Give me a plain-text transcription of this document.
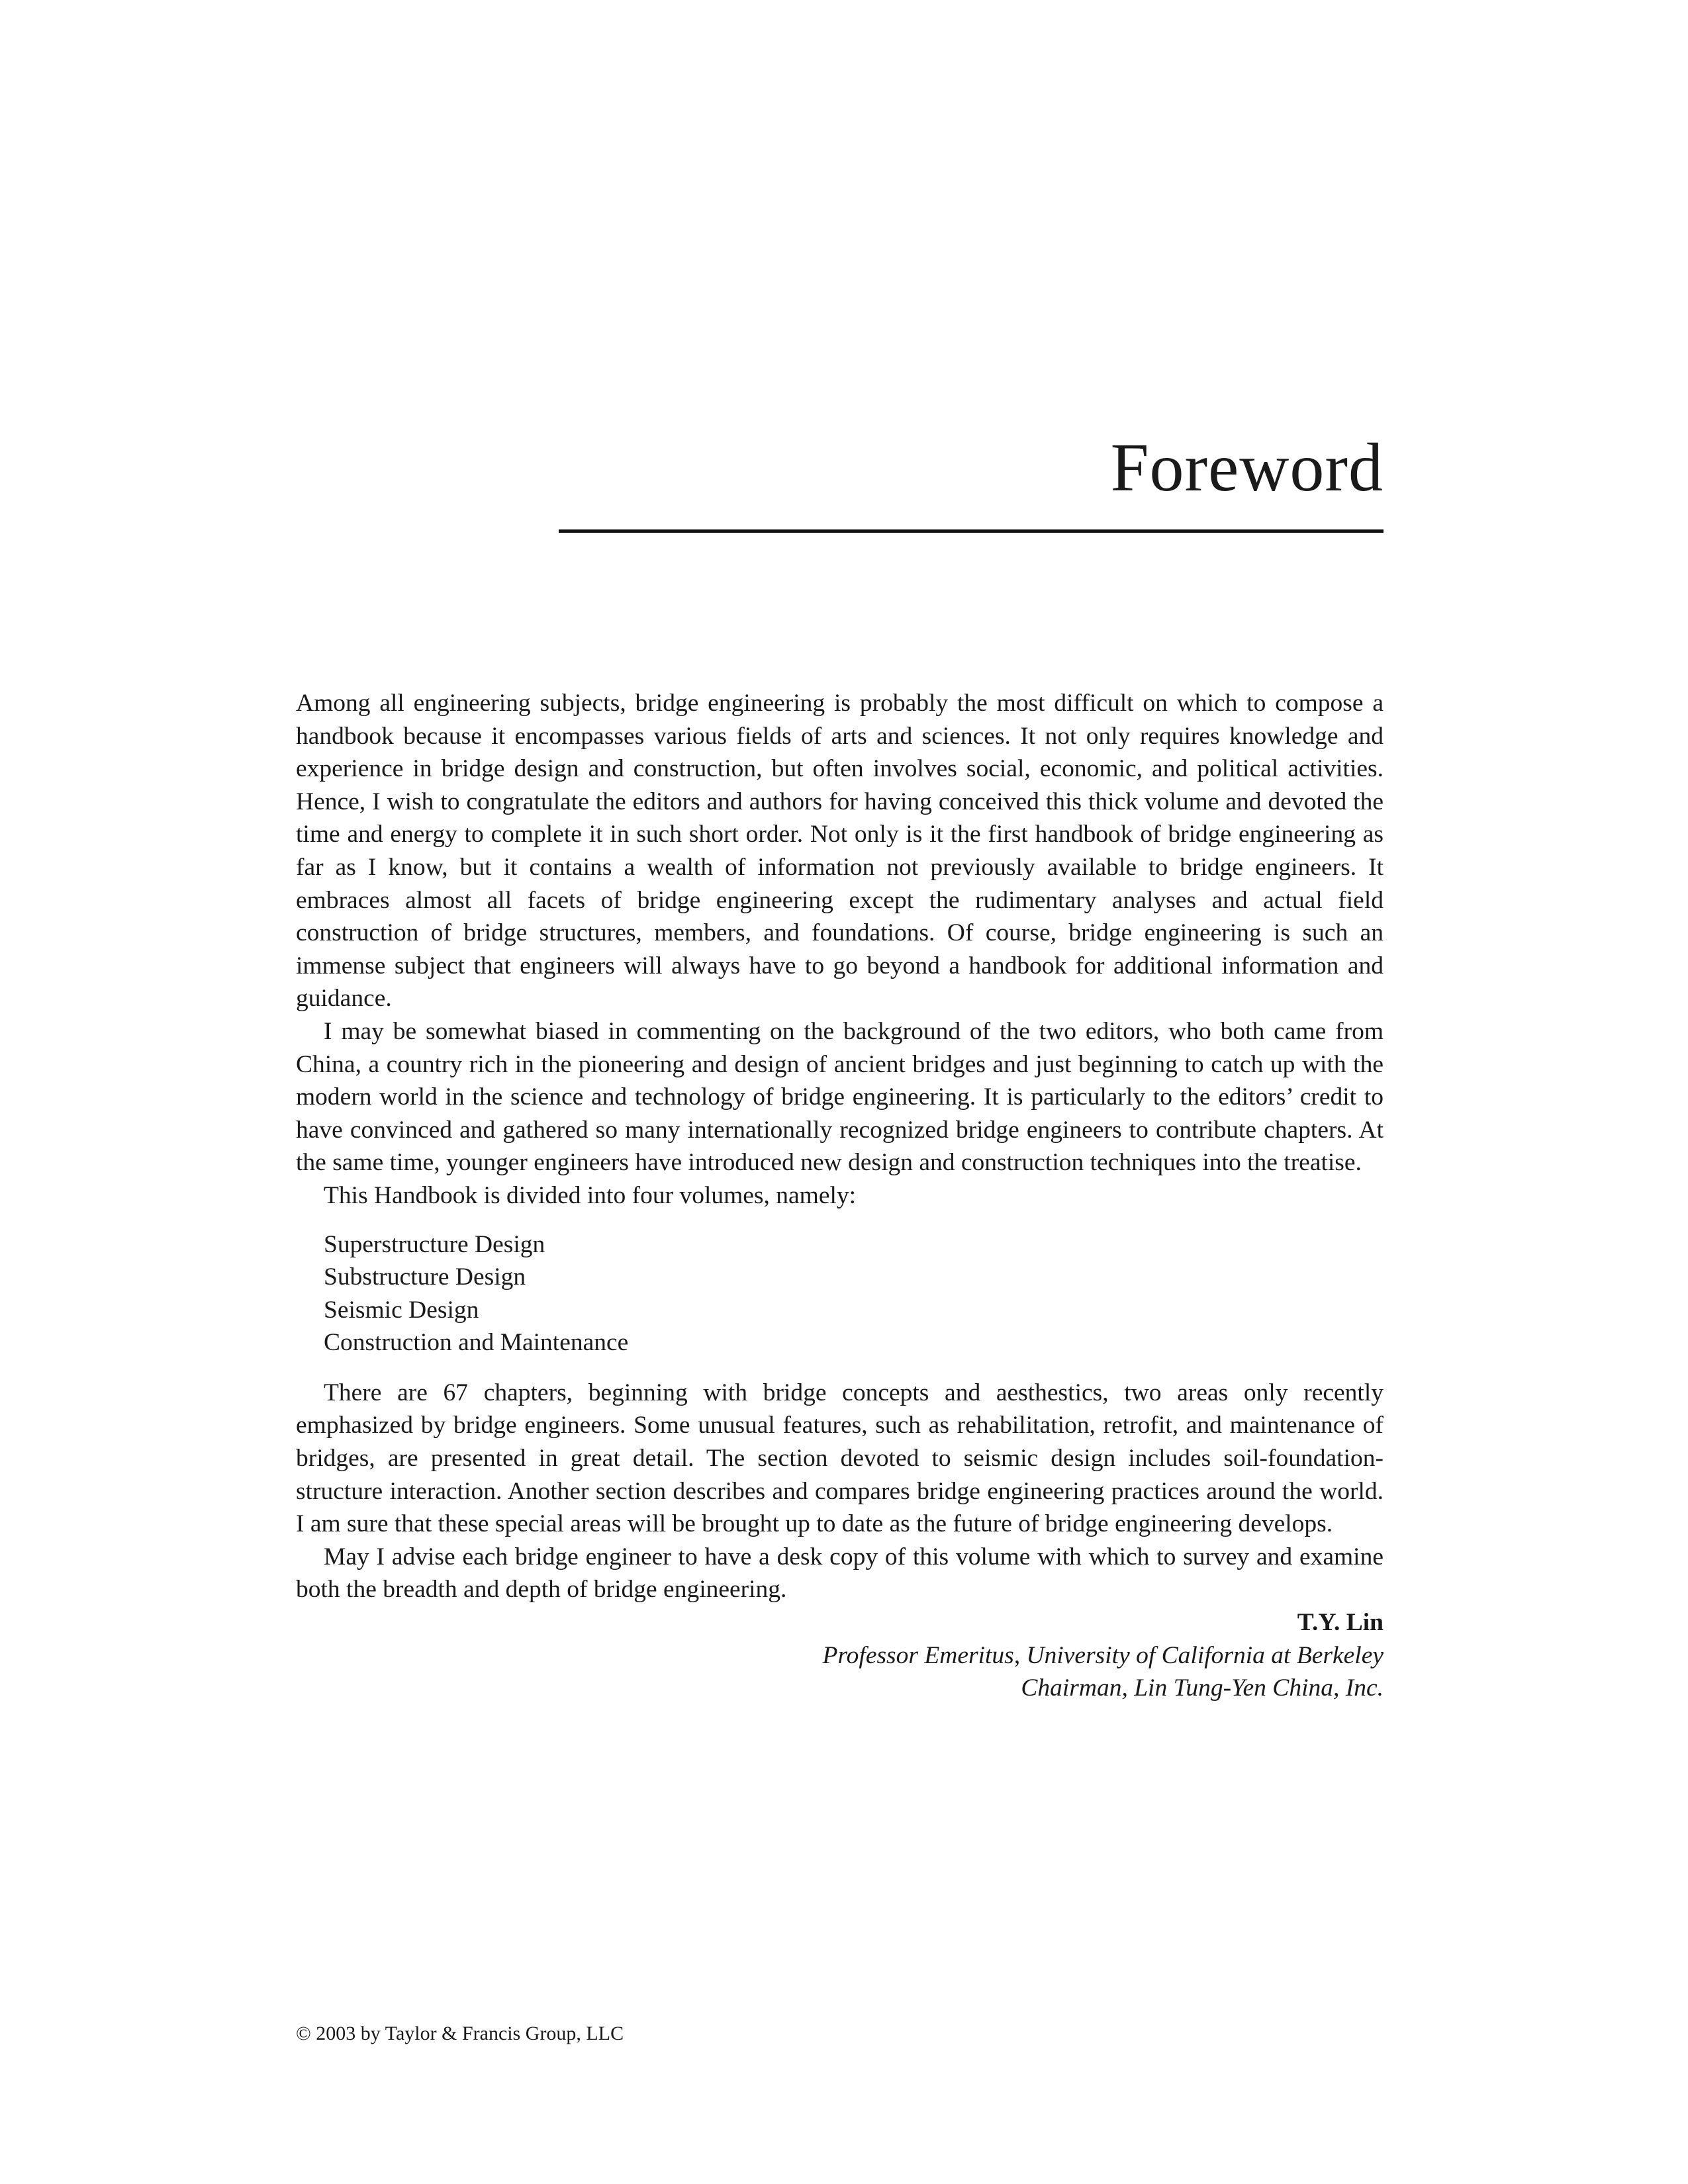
Foreword

Among all engineering subjects, bridge engineering is probably the most difficult on which to compose a handbook because it encompasses various fields of arts and sciences. It not only requires knowledge and experience in bridge design and construction, but often involves social, economic, and political activities. Hence, I wish to congratulate the editors and authors for having conceived this thick volume and devoted the time and energy to complete it in such short order. Not only is it the first handbook of bridge engineering as far as I know, but it contains a wealth of information not previously available to bridge engineers. It embraces almost all facets of bridge engineering except the rudimentary analyses and actual field construction of bridge structures, members, and foundations. Of course, bridge engineering is such an immense subject that engineers will always have to go beyond a handbook for additional information and guidance.

I may be somewhat biased in commenting on the background of the two editors, who both came from China, a country rich in the pioneering and design of ancient bridges and just beginning to catch up with the modern world in the science and technology of bridge engineering. It is particularly to the editors’ credit to have convinced and gathered so many internationally recognized bridge engineers to contribute chapters. At the same time, younger engineers have introduced new design and construction techniques into the treatise.

This Handbook is divided into four volumes, namely:

Superstructure Design
Substructure Design
Seismic Design
Construction and Maintenance

There are 67 chapters, beginning with bridge concepts and aesthestics, two areas only recently emphasized by bridge engineers. Some unusual features, such as rehabilitation, retrofit, and maintenance of bridges, are presented in great detail. The section devoted to seismic design includes soil-foundation-structure interaction. Another section describes and compares bridge engineering practices around the world. I am sure that these special areas will be brought up to date as the future of bridge engineering develops.

May I advise each bridge engineer to have a desk copy of this volume with which to survey and examine both the breadth and depth of bridge engineering.

T.Y. Lin
Professor Emeritus, University of California at Berkeley
Chairman, Lin Tung-Yen China, Inc.
© 2003 by Taylor & Francis Group, LLC
